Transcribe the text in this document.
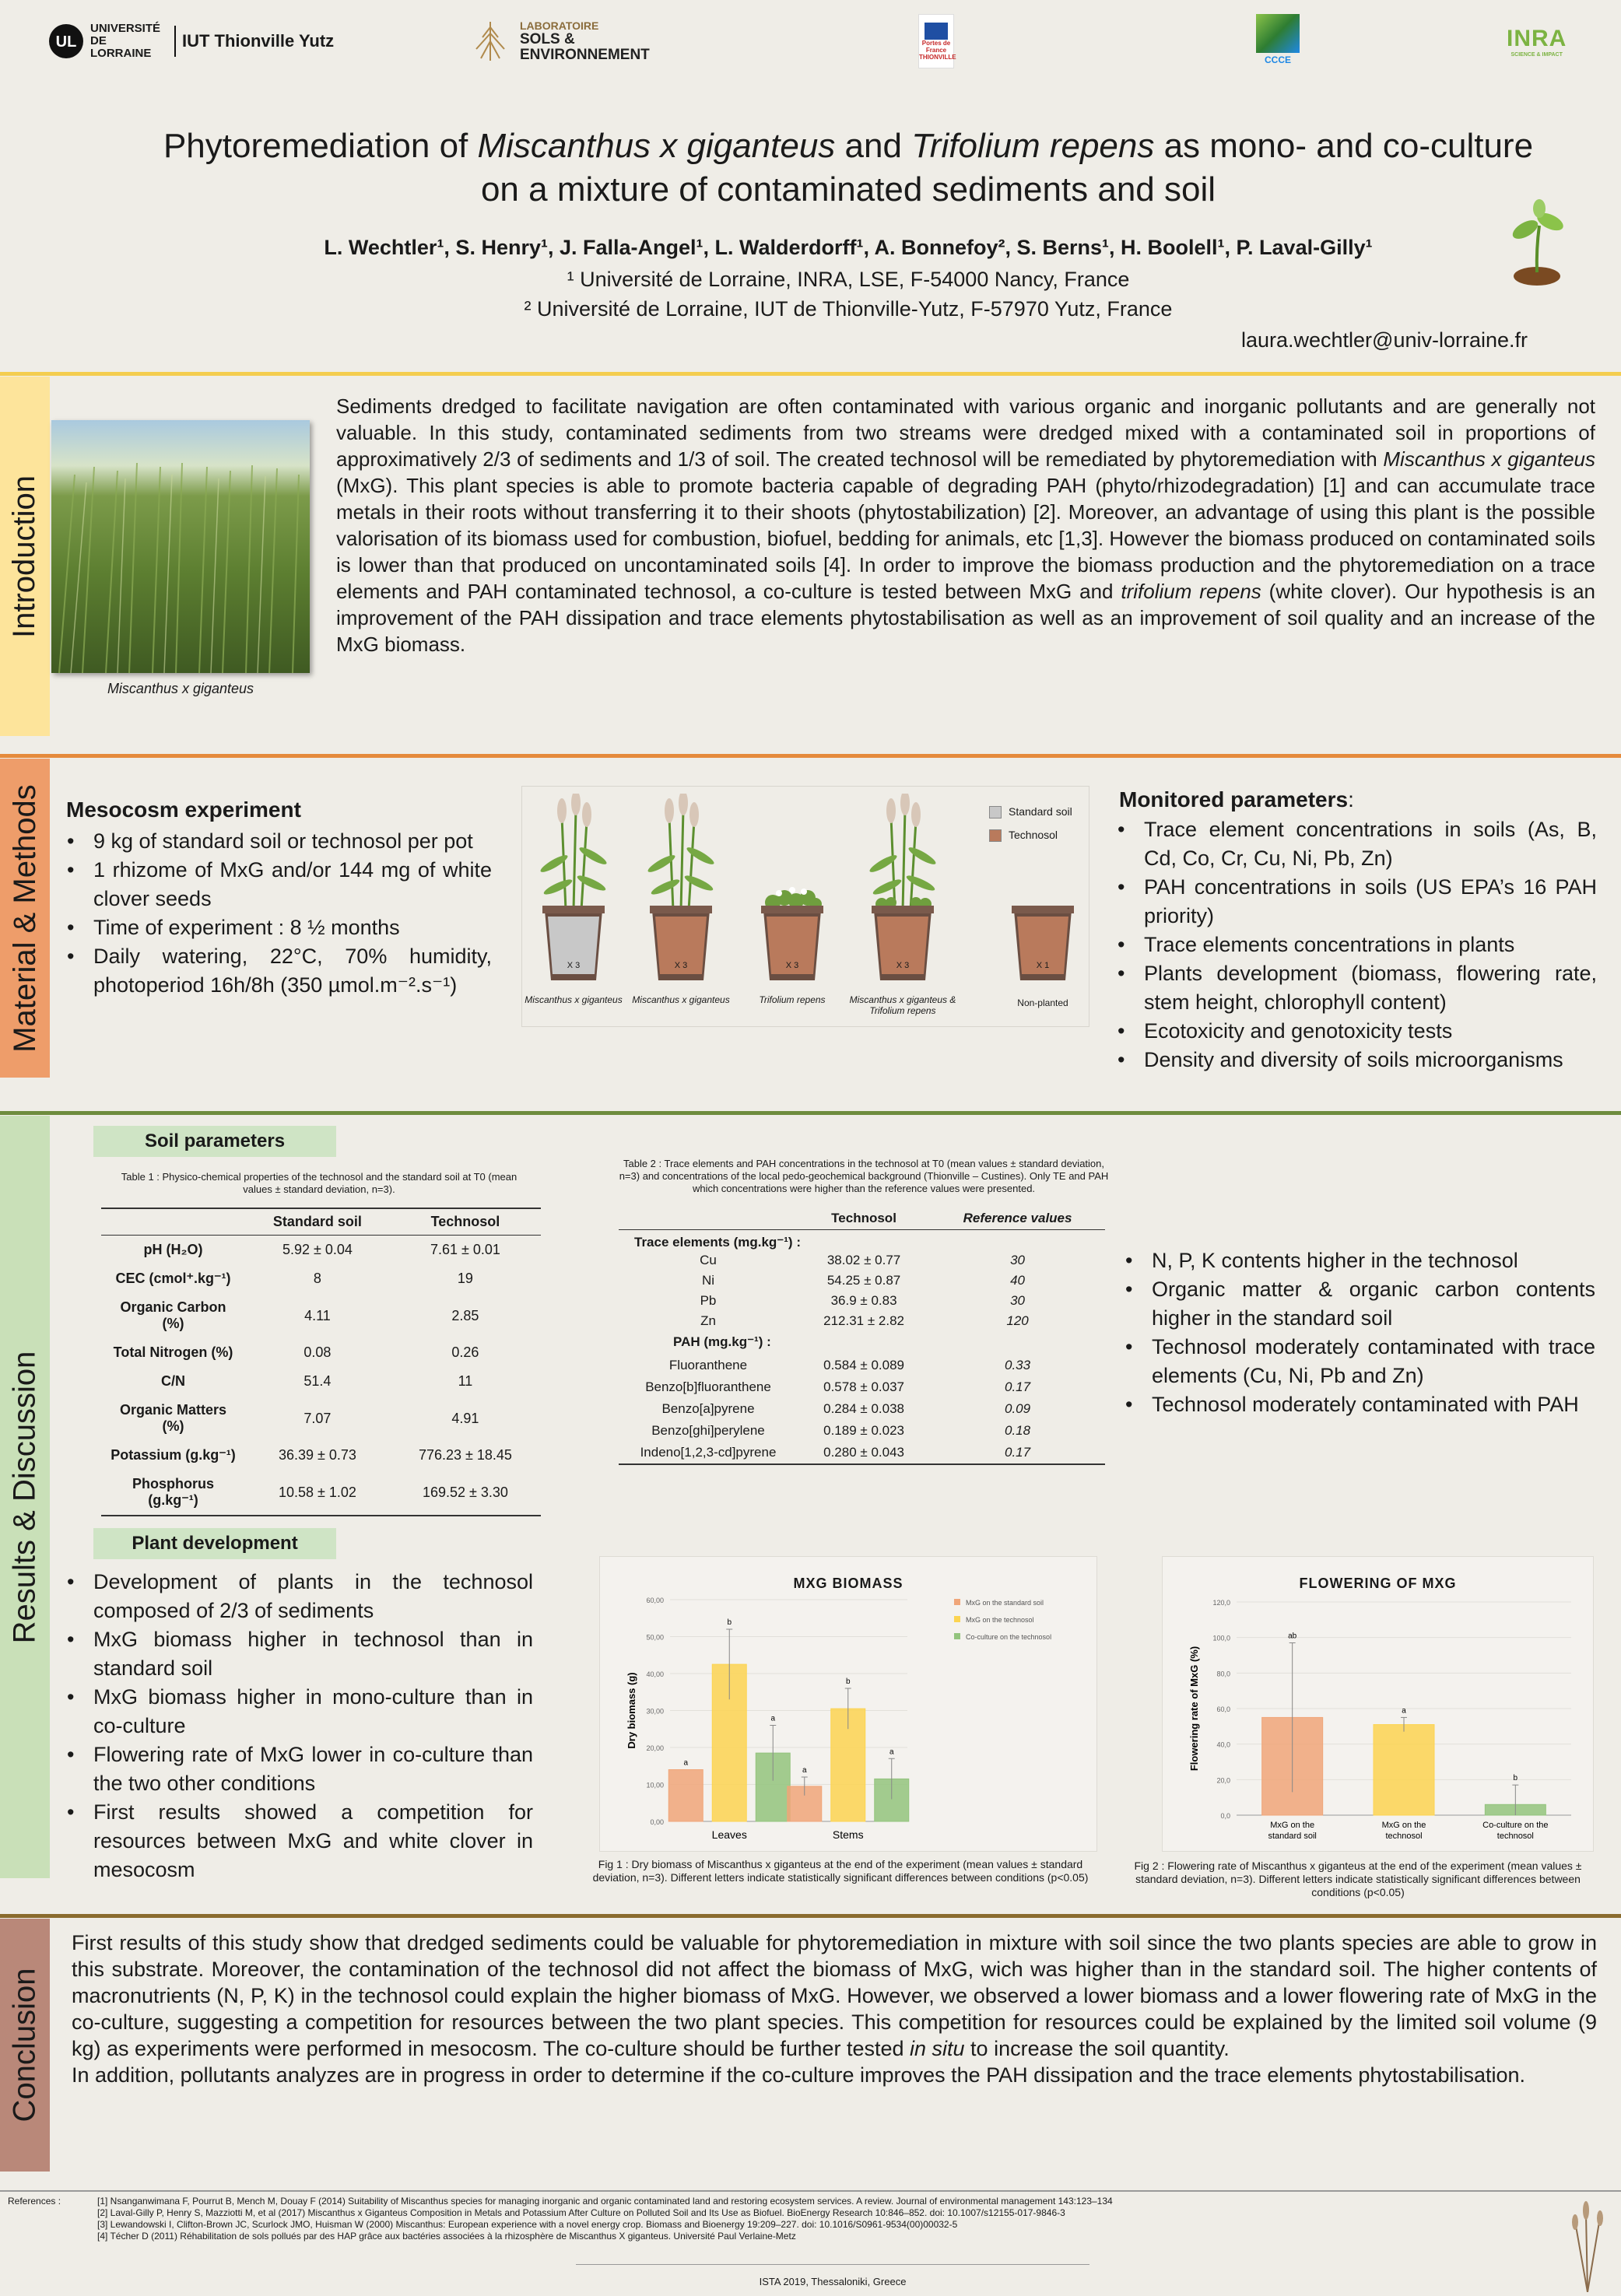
UL
UNIVERSITÉ DE LORRAINE
IUT Thionville Yutz
LABORATOIRE
SOLS & ENVIRONNEMENT
Portes de France THIONVILLE	CCCE
INRA
SCIENCE & IMPACT
Phytoremediation of Miscanthus x giganteus and Trifolium repens as mono- and co-culture
on a mixture of contaminated sediments and soil
L. Wechtler¹, S. Henry¹, J. Falla-Angel¹, L. Walderdorff¹, A. Bonnefoy², S. Berns¹, H. Boolell¹, P. Laval-Gilly¹
¹ Université de Lorraine, INRA, LSE, F-54000 Nancy, France
² Université de Lorraine, IUT de Thionville-Yutz, F-57970 Yutz, France
laura.wechtler@univ-lorraine.fr
Introduction
Miscanthus x giganteus
Sediments dredged to facilitate navigation are often contaminated with various organic and inorganic pollutants and are generally not valuable. In this study, contaminated sediments from two streams were dredged mixed with a contaminated soil in proportions of approximatively 2/3 of sediments and 1/3 of soil. The created technosol will be remediated by phytoremediation with Miscanthus x giganteus (MxG). This plant species is able to promote bacteria capable of degrading PAH (phyto/rhizodegradation) [1] and can accumulate trace metals in their roots without transferring it to their shoots (phytostabilization) [2]. Moreover, an advantage of using this plant is the possible valorisation of its biomass used for combustion, biofuel, bedding for animals, etc [1,3]. However the biomass produced on contaminated soils is lower than that produced on uncontaminated soils [4]. In order to improve the biomass production and the phytoremediation on a trace elements and PAH contaminated technosol, a co-culture is tested between MxG and trifolium repens (white clover). Our hypothesis is an improvement of the PAH dissipation and trace elements phytostabilisation as well as an improvement of soil quality and an increase of the MxG biomass.
Material & Methods Mesocosm experiment
• 9 kg of standard soil or technosol per pot
• 1 rhizome of MxG and/or 144 mg of white clover seeds
• Time of experiment : 8 ½ months
• Daily watering, 22°C, 70% humidity, photoperiod 16h/8h (350 µmol.m⁻².s⁻¹)
Standard soil
Technosol
X 3
Miscanthus x giganteus
X 3
Miscanthus x giganteus
X 3
Trifolium repens
X 3
Miscanthus x giganteus & Trifolium repens
X 1
Non-planted
Monitored parameters:
• Trace element concentrations in soils (As, B, Cd, Co, Cr, Cu, Ni, Pb, Zn)
• PAH concentrations in soils (US EPA’s 16 PAH priority)
• Trace elements concentrations in plants
• Plants development (biomass, flowering rate, stem height, chlorophyll content)
• Ecotoxicity and genotoxicity tests
• Density and diversity of soils microorganisms
Results & Discussion
Soil parameters
Table 1 : Physico-chemical properties of the technosol and the standard soil at T0 (mean values ± standard deviation, n=3).
	Standard soil	Technosol
pH (H₂O)	5.92 ± 0.04	7.61 ± 0.01
CEC (cmol⁺.kg⁻¹)	8	19
Organic Carbon (%)	4.11	2.85
Total Nitrogen (%)	0.08	0.26
C/N	51.4	11
Organic Matters (%)	7.07	4.91
Potassium (g.kg⁻¹)	36.39 ± 0.73	776.23 ± 18.45
Phosphorus (g.kg⁻¹)	10.58 ± 1.02	169.52 ± 3.30
Table 2 : Trace elements and PAH concentrations in the technosol at T0 (mean values ± standard deviation, n=3) and concentrations of the local pedo-geochemical background (Thionville – Custines). Only TE and PAH which concentrations were higher than the reference values were presented.
	Technosol	Reference values
Trace elements (mg.kg⁻¹) :		
Cu	38.02 ± 0.77	30
Ni	54.25 ± 0.87	40
Pb	36.9 ± 0.83	30
Zn	212.31 ± 2.82	120
PAH (mg.kg⁻¹) :		
Fluoranthene	0.584 ± 0.089	0.33
Benzo[b]fluoranthene	0.578 ± 0.037	0.17
Benzo[a]pyrene	0.284 ± 0.038	0.09
Benzo[ghi]perylene	0.189 ± 0.023	0.18
Indeno[1,2,3-cd]pyrene	0.280 ± 0.043	0.17
• N, P, K contents higher in the technosol
• Organic matter & organic carbon contents higher in the standard soil
• Technosol moderately contaminated with trace elements (Cu, Ni, Pb and Zn)
• Technosol moderately contaminated with PAH
Plant development
• Development of plants in the technosol composed of 2/3 of sediments
• MxG biomass higher in technosol than in standard soil
• MxG biomass higher in mono-culture than in co-culture
• Flowering rate of MxG lower in co-culture than the two other conditions
• First results showed a competition for resources between MxG and white clover in mesocosm
MXG BIOMASS
0,00
10,00
20,00
30,00
40,00
50,00
60,00
Dry biomass (g)
a
b
a
Leaves
a
b
a
Stems
MxG on the standard soil
MxG on the technosol
Co-culture on the technosol
Fig 1 : Dry biomass of Miscanthus x giganteus at the end of the experiment (mean values ± standard deviation, n=3). Different letters indicate statistically significant differences between conditions (p<0.05)
FLOWERING OF MXG
0,0
20,0
40,0
60,0
80,0
100,0
120,0
Flowering rate of MxG (%)
ab
MxG on the
standard soil
a
MxG on the
technosol
b
Co-culture on the
technosol
Fig 2 : Flowering rate of Miscanthus x giganteus at the end of the experiment (mean values ± standard deviation, n=3). Different letters indicate statistically significant differences between conditions (p<0.05)
Conclusion
First results of this study show that dredged sediments could be valuable for phytoremediation in mixture with soil since the two plants species are able to grow in this substrate. Moreover, the contamination of the technosol did not affect the biomass of MxG, wich was higher than in the standard soil. The higher contents of macronutrients (N, P, K) in the technosol could explain the higher biomass of MxG. However, we observed a lower biomass and a lower flowering rate of MxG in the co-culture, suggesting a competition for resources between the two plant species. This competition for resources could be explained by the limited soil volume (9 kg) as experiments were performed in mesocosm. The co-culture should be further tested in situ to increase the soil quantity.
In addition, pollutants analyzes are in progress in order to determine if the co-culture improves the PAH dissipation and the trace elements phytostabilisation.
References :	[1] Nsanganwimana F, Pourrut B, Mench M, Douay F (2014) Suitability of Miscanthus species for managing inorganic and organic contaminated land and restoring ecosystem services. A review. Journal of environmental management 143:123–134
[2] Laval-Gilly P, Henry S, Mazziotti M, et al (2017) Miscanthus x Giganteus Composition in Metals and Potassium After Culture on Polluted Soil and Its Use as Biofuel. BioEnergy Research 10:846–852. doi: 10.1007/s12155-017-9846-3
[3] Lewandowski I, Clifton-Brown JC, Scurlock JMO, Huisman W (2000) Miscanthus: European experience with a novel energy crop. Biomass and Bioenergy 19:209–227. doi: 10.1016/S0961-9534(00)00032-5
[4] Técher D (2011) Réhabilitation de sols pollués par des HAP grâce aux bactéries associées à la rhizosphère de Miscanthus X giganteus. Université Paul Verlaine-Metz
ISTA 2019, Thessaloniki, Greece
